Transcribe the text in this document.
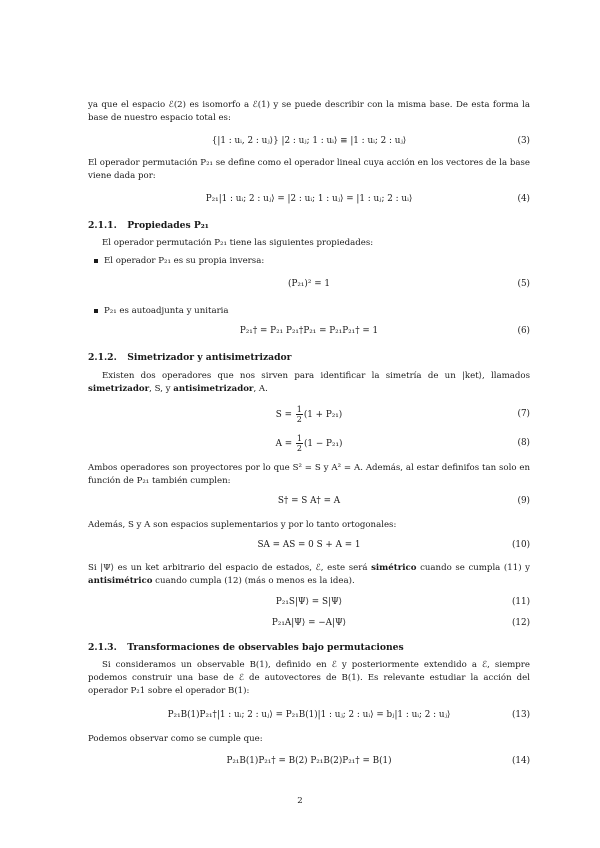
ya que el espacio ℰ(2) es isomorfo a ℰ(1) y se puede describir con la misma base. De esta forma la base de nuestro espacio total es:

{|1 : uᵢ, 2 : uⱼ⟩} |2 : uⱼ; 1 : uᵢ⟩ ≡ |1 : uᵢ; 2 : uⱼ⟩	(3)

El operador permutación P₂₁ se define como el operador lineal cuya acción en los vectores de la base viene dada por:

P₂₁|1 : uᵢ; 2 : uⱼ⟩ = |2 : uᵢ; 1 : uⱼ⟩ = |1 : uⱼ; 2 : uᵢ⟩	(4)
2.1.1. Propiedades P₂₁

El operador permutación P₂₁ tiene las siguientes propiedades:

El operador P₂₁ es su propia inversa:
(P₂₁)² = 1	(5)
P₂₁ es autoadjunta y unitaria
P₂₁† = P₂₁ P₂₁†P₂₁ = P₂₁P₂₁† = 1	(6)
2.1.2. Simetrizador y antisimetrizador

Existen dos operadores que nos sirven para identificar la simetría de un |ket⟩, llamados simetrizador, S, y antisimetrizador, A.

$S = \frac{1}{2} (1 + P_{21})$	(7)
$A = \frac{1}{2} (1 - P_{21})$	(8)

Ambos operadores son proyectores por lo que S² = S y A² = A. Además, al estar definifos tan solo en función de P₂₁ también cumplen:

S† = S A† = A	(9)

Además, S y A son espacios suplementarios y por lo tanto ortogonales:

SA = AS = 0 S + A = 1	(10)

Si |Ψ⟩ es un ket arbitrario del espacio de estados, ℰ, este será simétrico cuando se cumpla (11) y antisimétrico cuando cumpla (12) (más o menos es la idea).

P₂₁S|Ψ⟩ = S|Ψ⟩	(11)
P₂₁A|Ψ⟩ = −A|Ψ⟩	(12)
2.1.3. Transformaciones de observables bajo permutaciones

Si consideramos un observable B(1), definido en ℰ y posteriormente extendido a ℰ, siempre podemos construir una base de ℰ de autovectores de B(1). Es relevante estudiar la acción del operador P₂1 sobre el operador B(1):

P₂₁B(1)P₂₁†|1 : uᵢ; 2 : uⱼ⟩ = P₂₁B(1)|1 : uⱼ; 2 : uᵢ⟩ = bⱼ|1 : uᵢ; 2 : uⱼ⟩	(13)

Podemos observar como se cumple que:

P₂₁B(1)P₂₁† = B(2) P₂₁B(2)P₂₁† = B(1)	(14)
2
